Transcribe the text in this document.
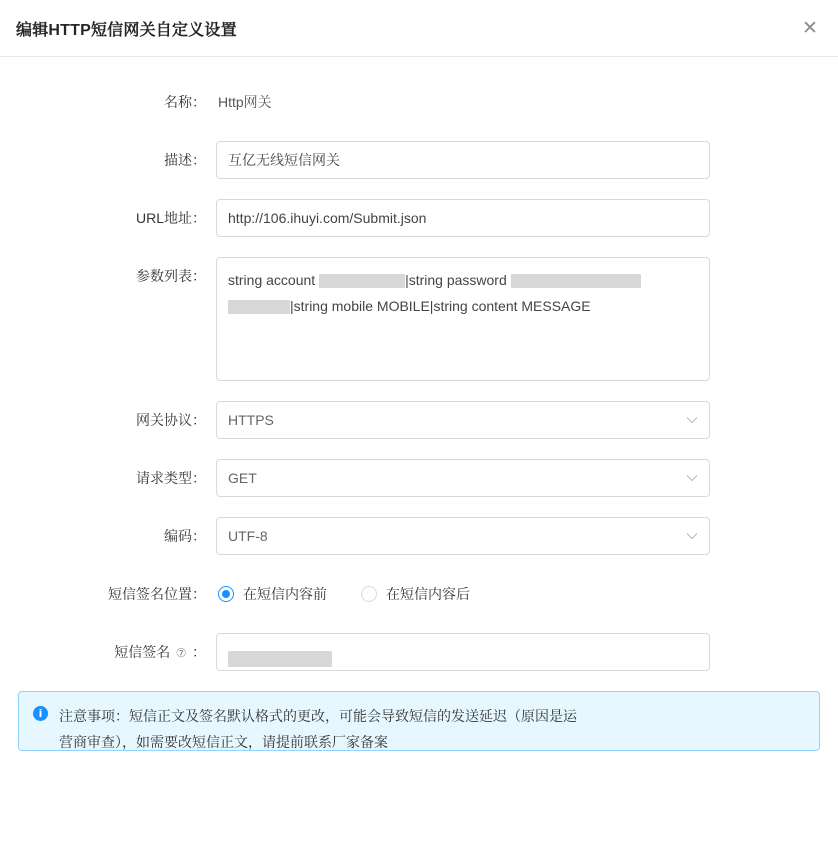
编辑HTTP短信网关自定义设置	✕
名称： Http网关
描述：
互亿无线短信网关
URL地址：
http://106.ihuyi.com/Submit.json
参数列表：	string account	|string password |string mobile MOBILE|string content MESSAGE
网关协议：	HTTPS
请求类型：	GET
编码：	UTF-8
短信签名位置：	在短信内容前	在短信内容后
短信签名 ⑦ ：
i	注意事项：短信正文及签名默认格式的更改，可能会导致短信的发送延迟（原因是运
营商审查），如需要改短信正文，请提前联系厂家备案
